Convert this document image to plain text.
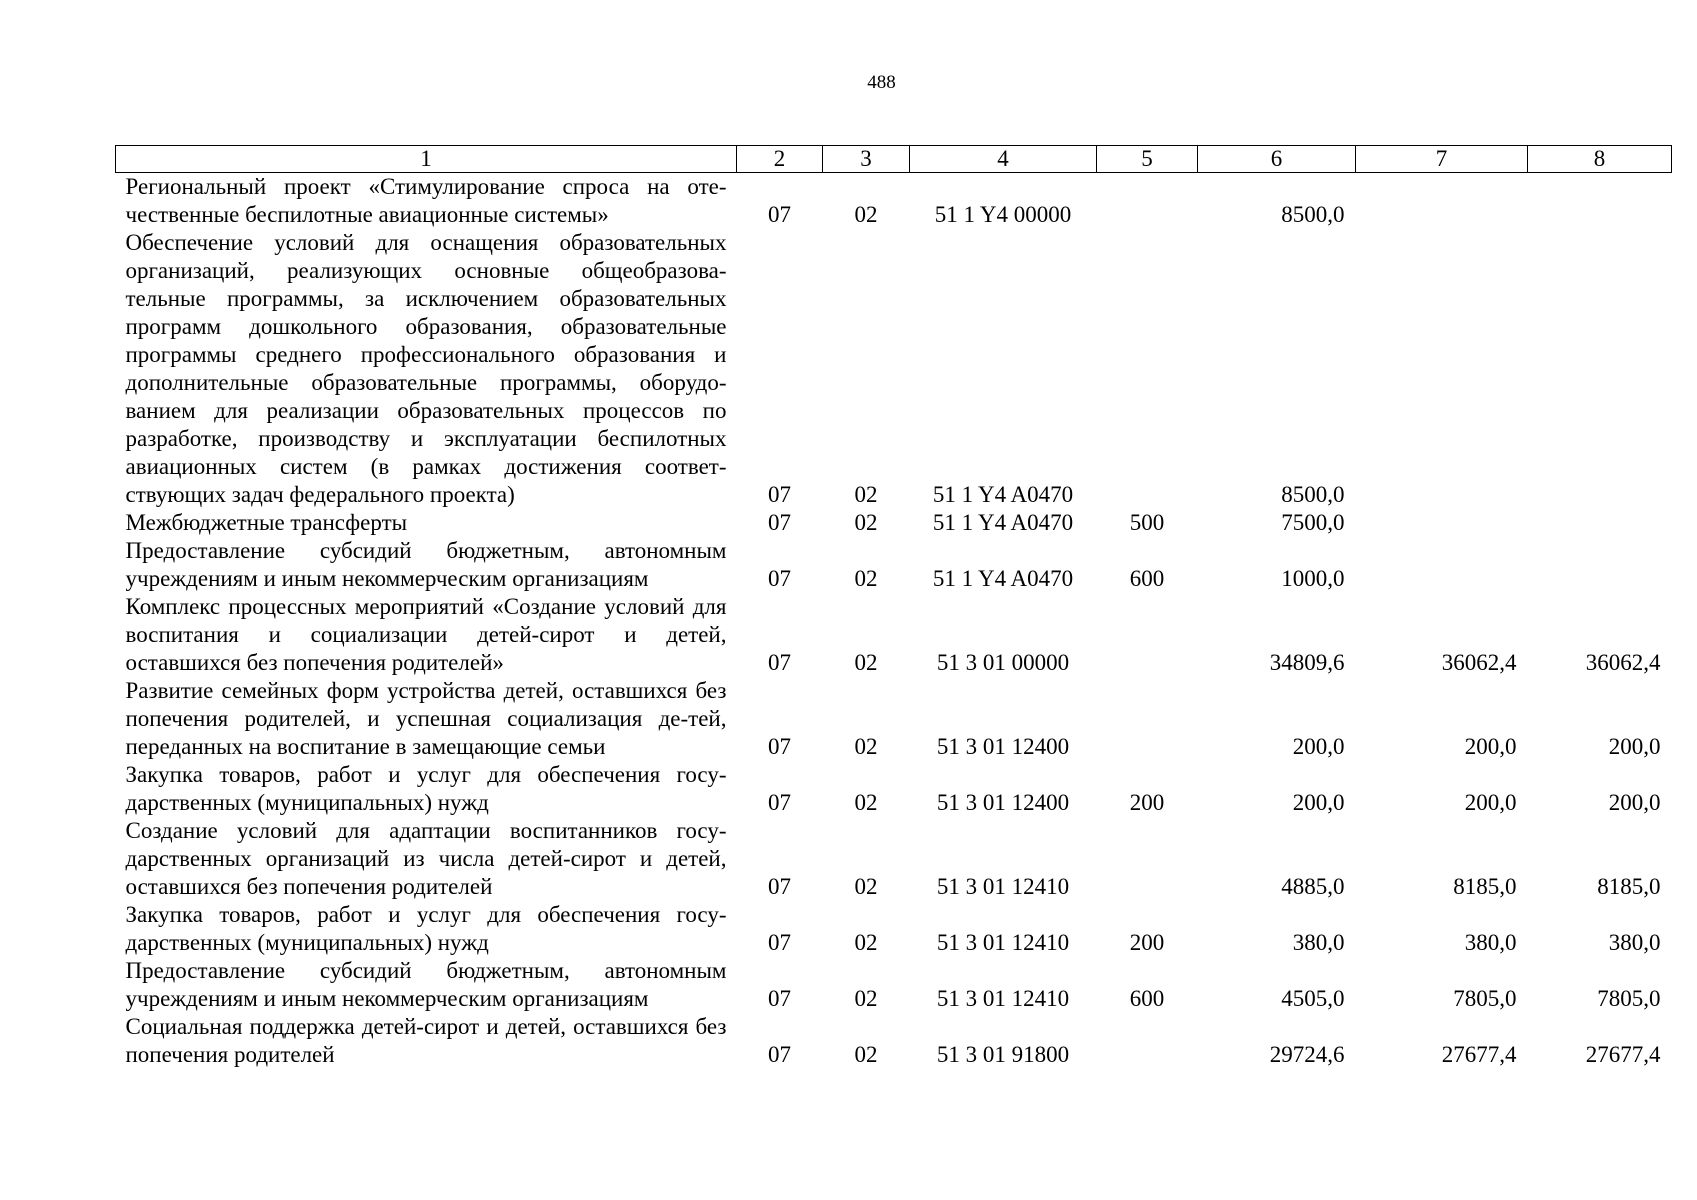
488
1	2	3	4	5	6	7	8
Региональный проект «Стимулирование спроса на оте-чественные беспилотные авиационные системы»	07	02	51 1 Y4 00000		8500,0		
Обеспечение условий для оснащения образовательных организаций, реализующих основные общеобразова-тельные программы, за исключением образовательных программ дошкольного образования, образовательные программы среднего профессионального образования и дополнительные образовательные программы, оборудо-ванием для реализации образовательных процессов по разработке, производству и эксплуатации беспилотных авиационных систем (в рамках достижения соответ-ствующих задач федерального проекта)	07	02	51 1 Y4 A0470		8500,0		
Межбюджетные трансферты	07	02	51 1 Y4 A0470	500	7500,0		
Предоставление субсидий бюджетным, автономным учреждениям и иным некоммерческим организациям	07	02	51 1 Y4 A0470	600	1000,0		
Комплекс процессных мероприятий «Создание условий для воспитания и социализации детей-сирот и детей, оставшихся без попечения родителей»	07	02	51 3 01 00000		34809,6	36062,4	36062,4
Развитие семейных форм устройства детей, оставшихся без попечения родителей, и успешная социализация де-тей, переданных на воспитание в замещающие семьи	07	02	51 3 01 12400		200,0	200,0	200,0
Закупка товаров, работ и услуг для обеспечения госу-дарственных (муниципальных) нужд	07	02	51 3 01 12400	200	200,0	200,0	200,0
Создание условий для адаптации воспитанников госу-дарственных организаций из числа детей-сирот и детей, оставшихся без попечения родителей	07	02	51 3 01 12410		4885,0	8185,0	8185,0
Закупка товаров, работ и услуг для обеспечения госу-дарственных (муниципальных) нужд	07	02	51 3 01 12410	200	380,0	380,0	380,0
Предоставление субсидий бюджетным, автономным учреждениям и иным некоммерческим организациям	07	02	51 3 01 12410	600	4505,0	7805,0	7805,0
Социальная поддержка детей-сирот и детей, оставшихся без попечения родителей	07	02	51 3 01 91800		29724,6	27677,4	27677,4
